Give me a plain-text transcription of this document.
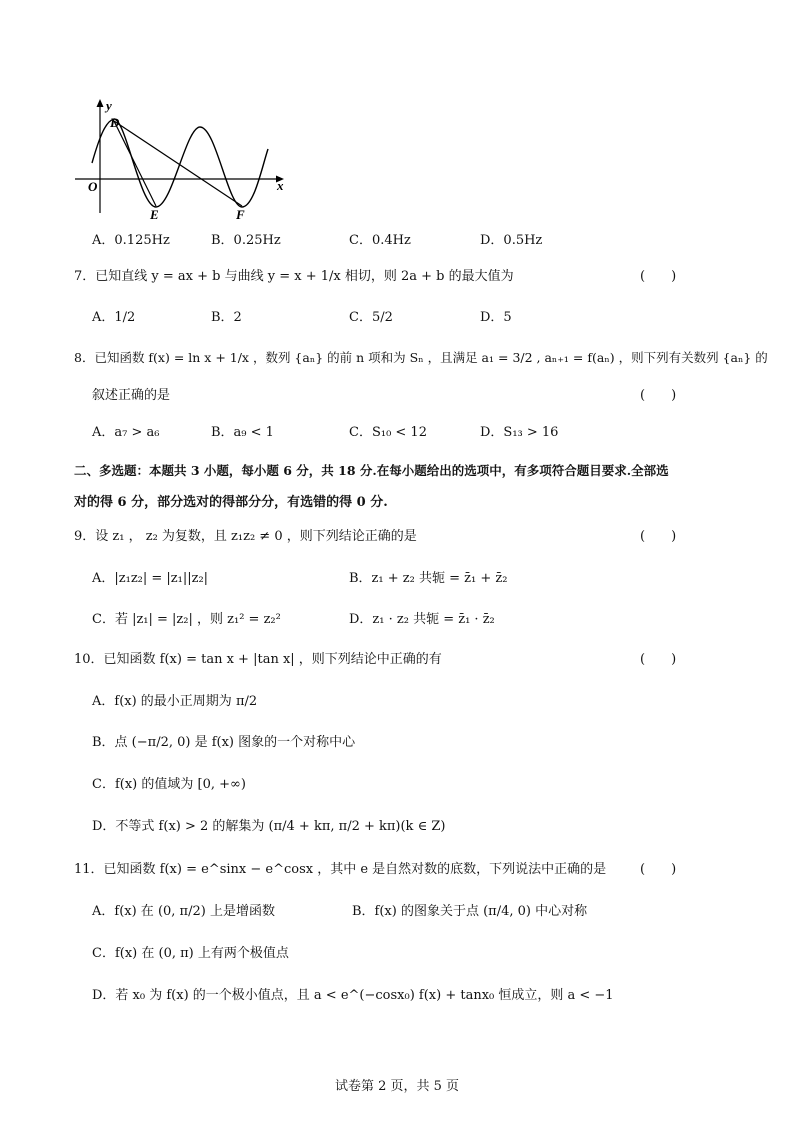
y
x
O
D
E	F
A．0.125Hz	B．0.25Hz	C．0.4Hz	D．0.5Hz
7．已知直线 y = ax + b 与曲线 y = x + 1/x 相切，则 2a + b 的最大值为	(　　)
A．1/2	B．2	C．5/2	D．5
8．已知函数 f(x) = ln x + 1/x ，数列 {aₙ} 的前 n 项和为 Sₙ ，且满足 a₁ = 3/2 , aₙ₊₁ = f(aₙ) ，则下列有关数列 {aₙ} 的
叙述正确的是	(　　)
A．a₇ > a₆	B．a₉ < 1	C．S₁₀ < 12	D．S₁₃ > 16
二、多选题：本题共 3 小题，每小题 6 分，共 18 分.在每小题给出的选项中，有多项符合题目要求.全部选
对的得 6 分，部分选对的得部分分，有选错的得 0 分.
9．设 z₁ ， z₂ 为复数，且 z₁z₂ ≠ 0 ，则下列结论正确的是	(　　)
A．|z₁z₂| = |z₁||z₂|	B．z₁ + z₂ 共轭 = z̄₁ + z̄₂
C．若 |z₁| = |z₂| ，则 z₁² = z₂²	D．z₁ · z₂ 共轭 = z̄₁ · z̄₂
10．已知函数 f(x) = tan x + |tan x| ，则下列结论中正确的有	(　　)
A．f(x) 的最小正周期为 π/2
B．点 (−π/2, 0) 是 f(x) 图象的一个对称中心
C．f(x) 的值域为 [0, +∞)
D．不等式 f(x) > 2 的解集为 (π/4 + kπ, π/2 + kπ)(k ∈ Z)
11．已知函数 f(x) = e^sinx − e^cosx ，其中 e 是自然对数的底数，下列说法中正确的是	(　　)
A．f(x) 在 (0, π/2) 上是增函数	B．f(x) 的图象关于点 (π/4, 0) 中心对称
C．f(x) 在 (0, π) 上有两个极值点
D．若 x₀ 为 f(x) 的一个极小值点，且 a < e^(−cosx₀) f(x) + tanx₀ 恒成立，则 a < −1
试卷第 2 页，共 5 页
